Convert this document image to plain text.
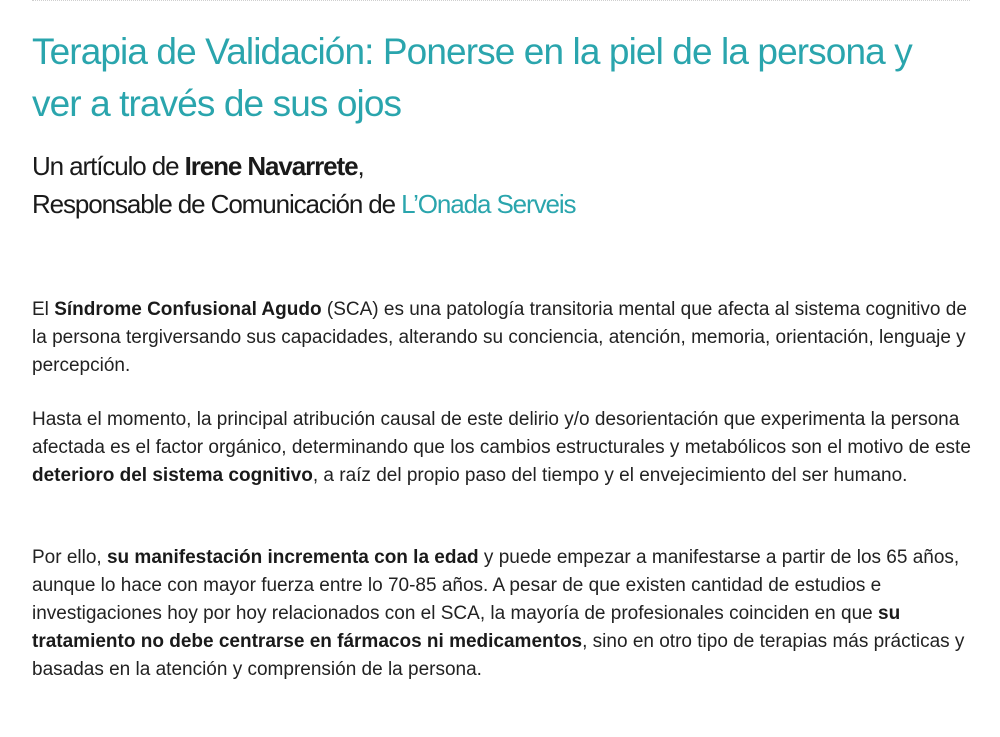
Terapia de Validación: Ponerse en la piel de la persona y ver a través de sus ojos
Un artículo de Irene Navarrete,
Responsable de Comunicación de L’Onada Serveis

El Síndrome Confusional Agudo (SCA) es una patología transitoria mental que afecta al sistema cognitivo de la persona tergiversando sus capacidades, alterando su conciencia, atención, memoria, orientación, lenguaje y percepción.

Hasta el momento, la principal atribución causal de este delirio y/o desorientación que experimenta la persona afectada es el factor orgánico, determinando que los cambios estructurales y metabólicos son el motivo de este deterioro del sistema cognitivo, a raíz del propio paso del tiempo y el envejecimiento del ser humano.

Por ello, su manifestación incrementa con la edad y puede empezar a manifestarse a partir de los 65 años, aunque lo hace con mayor fuerza entre lo 70-85 años. A pesar de que existen cantidad de estudios e investigaciones hoy por hoy relacionados con el SCA, la mayoría de profesionales coinciden en que su tratamiento no debe centrarse en fármacos ni medicamentos, sino en otro tipo de terapias más prácticas y basadas en la atención y comprensión de la persona.
